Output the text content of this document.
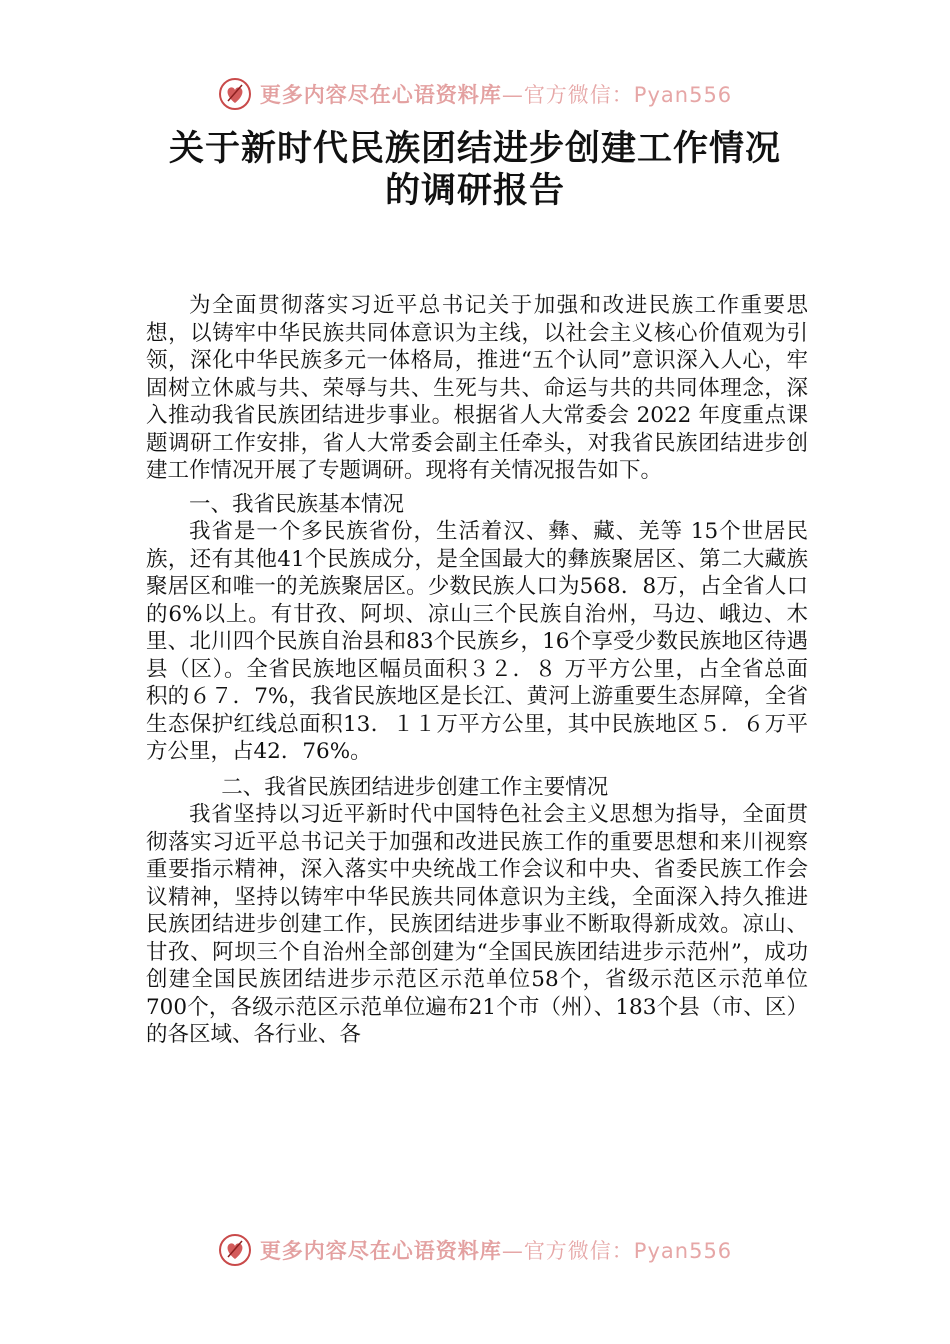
更多内容尽在心语资料库—官方微信：Pyan556
关于新时代民族团结进步创建工作情况
的调研报告

为全面贯彻落实习近平总书记关于加强和改进民族工作重要思想，以铸牢中华民族共同体意识为主线，以社会主义核心价值观为引领，深化中华民族多元一体格局，推进“五个认同”意识深入人心，牢固树立休戚与共、荣辱与共、生死与共、命运与共的共同体理念，深入推动我省民族团结进步事业。根据省人大常委会 2022 年度重点课题调研工作安排，省人大常委会副主任牵头，对我省民族团结进步创建工作情况开展了专题调研。现将有关情况报告如下。

一、我省民族基本情况

我省是一个多民族省份，生活着汉、彝、藏、羌等 15个世居民族，还有其他41个民族成分，是全国最大的彝族聚居区、第二大藏族聚居区和唯一的羌族聚居区。少数民族人口为568．8万，占全省人口的6%以上。有甘孜、阿坝、凉山三个民族自治州，马边、峨边、木里、北川四个民族自治县和83个民族乡，16个享受少数民族地区待遇县（区）。全省民族地区幅员面积３２．８ 万平方公里，占全省总面积的６７．7%，我省民族地区是长江、黄河上游重要生态屏障，全省生态保护红线总面积13．１１万平方公里，其中民族地区５．６万平方公里，占42．76%。

二、我省民族团结进步创建工作主要情况

我省坚持以习近平新时代中国特色社会主义思想为指导，全面贯彻落实习近平总书记关于加强和改进民族工作的重要思想和来川视察重要指示精神，深入落实中央统战工作会议和中央、省委民族工作会议精神，坚持以铸牢中华民族共同体意识为主线，全面深入持久推进民族团结进步创建工作，民族团结进步事业不断取得新成效。凉山、甘孜、阿坝三个自治州全部创建为“全国民族团结进步示范州”，成功创建全国民族团结进步示范区示范单位58个，省级示范区示范单位700个，各级示范区示范单位遍布21个市（州）、183个县（市、区）的各区域、各行业、各

更多内容尽在心语资料库—官方微信：Pyan556
